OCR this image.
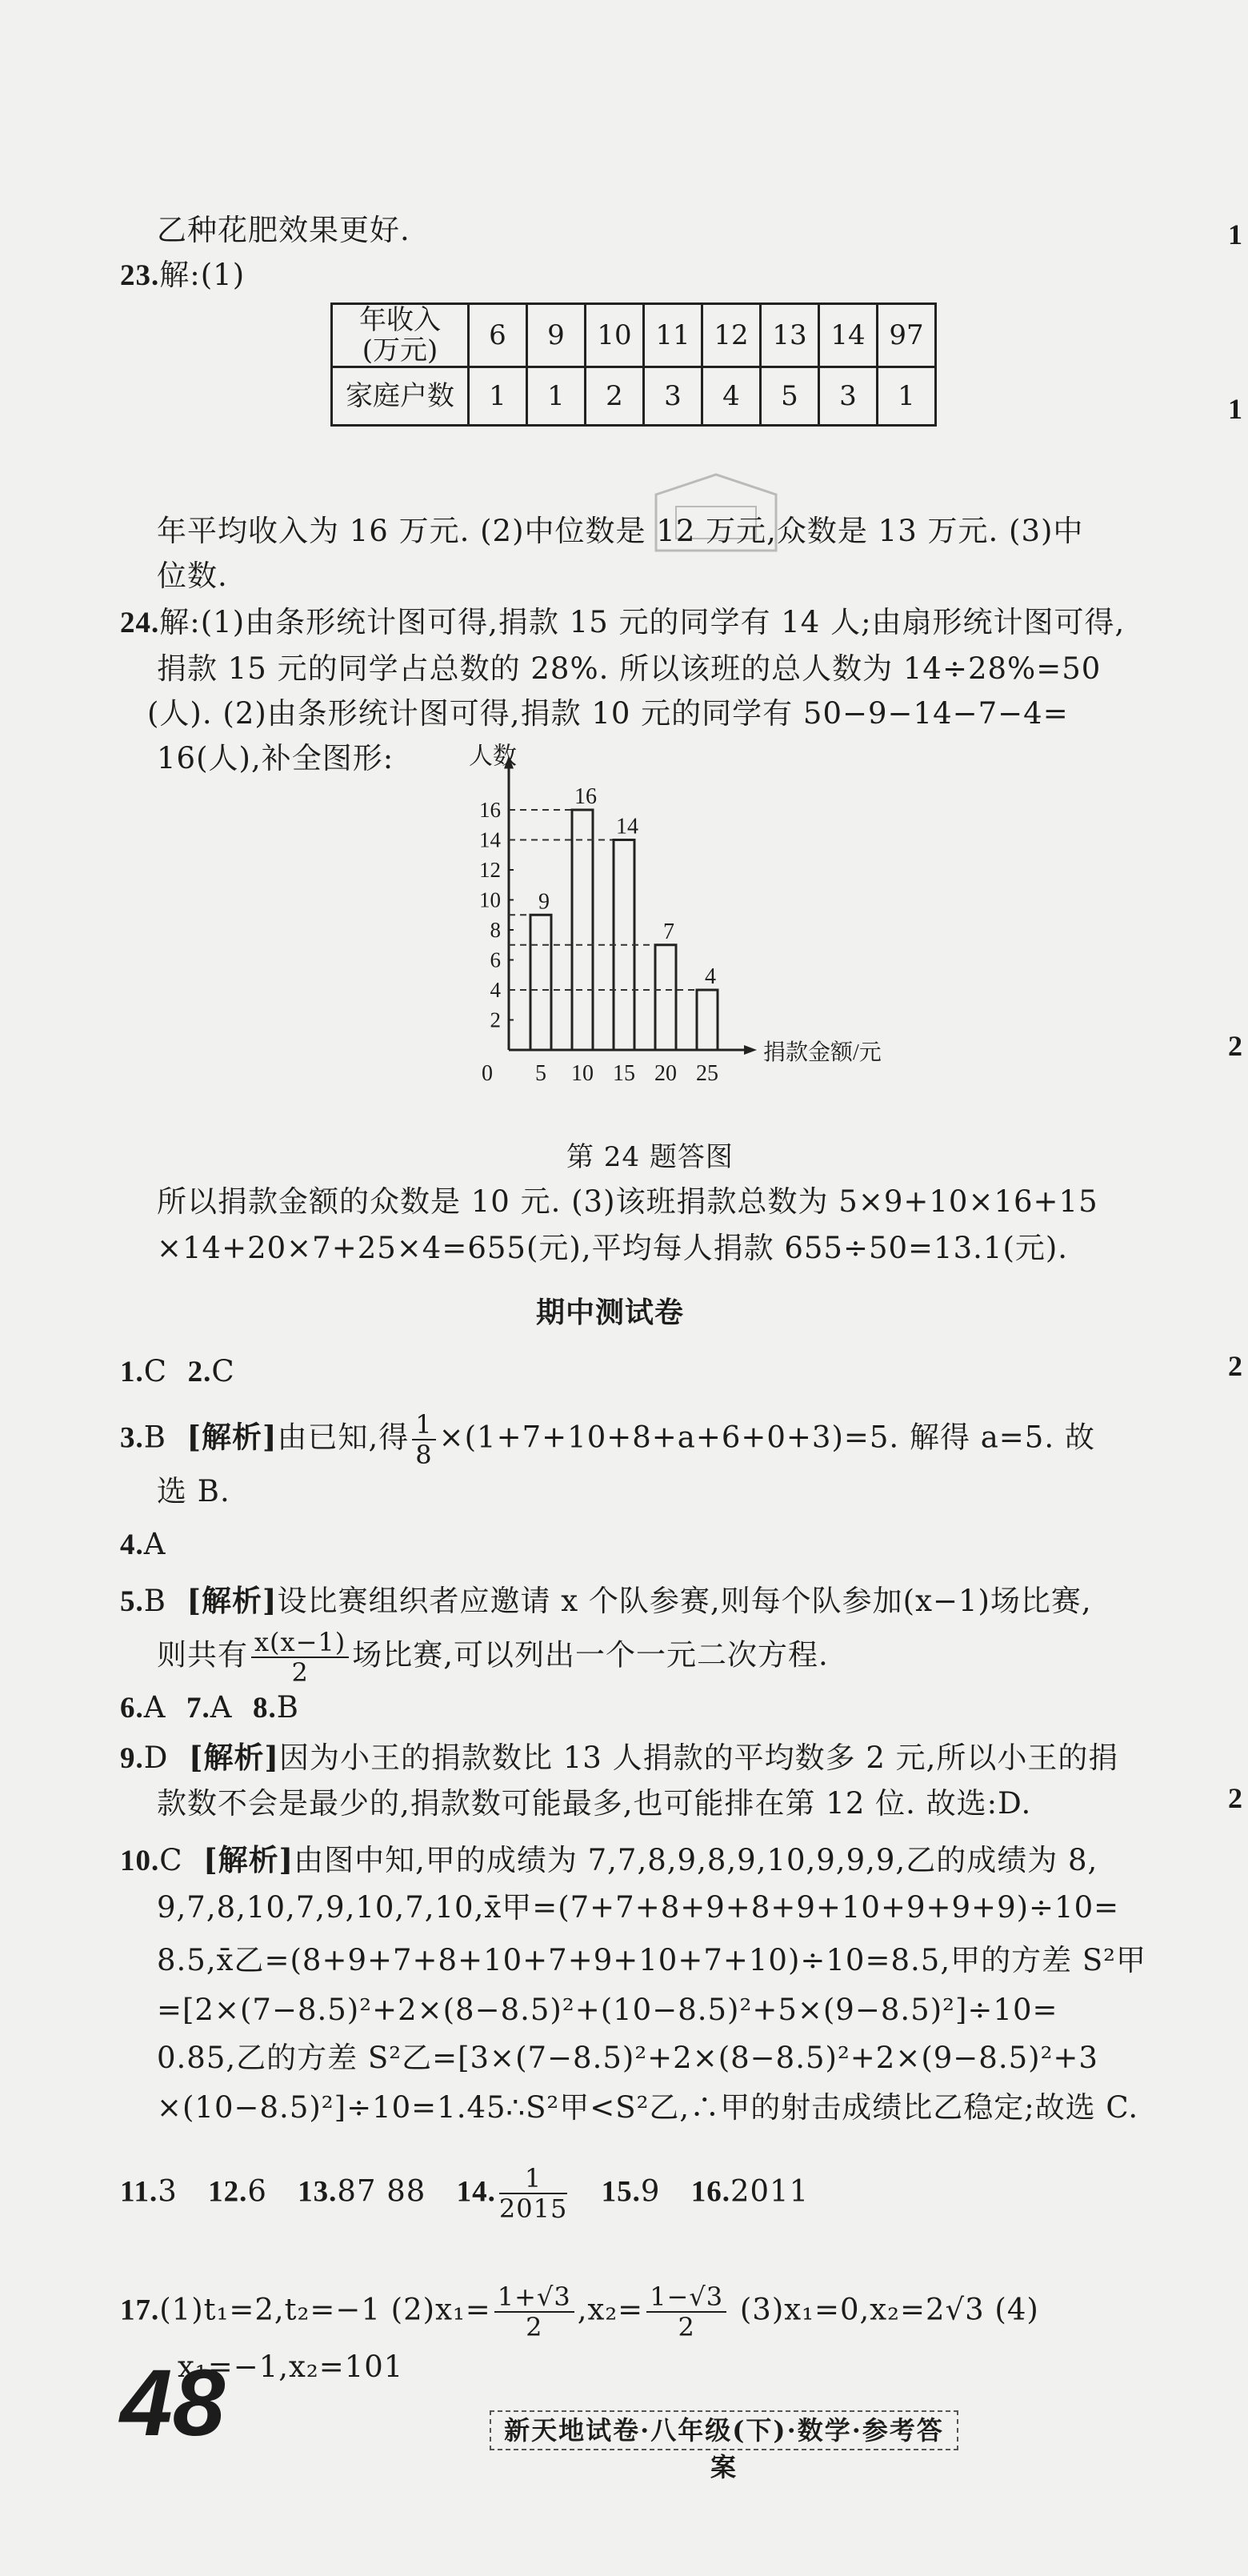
乙种花肥效果更好.
23.解:(1)
年收入
(万元)	6	9	10	11	12	13	14	97
家庭户数	1	1	2	3	4	5	3	1
年平均收入为 16 万元. (2)中位数是 12 万元,众数是 13 万元. (3)中
位数.
24.解:(1)由条形统计图可得,捐款 15 元的同学有 14 人;由扇形统计图可得,
捐款 15 元的同学占总数的 28%. 所以该班的总人数为 14÷28%=50
(人). (2)由条形统计图可得,捐款 10 元的同学有 50−9−14−7−4=
16(人),补全图形:	人数
捐款金额/元
0
2
4
6
8
10
12
14
16
9
5
16
10
14
15
7
20
4
25
第 24 题答图
所以捐款金额的众数是 10 元. (3)该班捐款总数为 5×9+10×16+15
×14+20×7+25×4=655(元),平均每人捐款 655÷50=13.1(元).
期中测试卷
1.C 2.C
3.B [解析]由已知,得 $\frac{1}{8} \times(1+7+10+8+a+6+0+3)=5$. 解得 a=5. 故
选 B.
4.A
5.B [解析]设比赛组织者应邀请 x 个队参赛,则每个队参加(x−1)场比赛,
则共有 $\frac{x(x-1)}{2}$ 场比赛,可以列出一个一元二次方程.
6.A 7.A 8.B
9.D [解析]因为小王的捐款数比 13 人捐款的平均数多 2 元,所以小王的捐
款数不会是最少的,捐款数可能最多,也可能排在第 12 位. 故选:D.
10.C [解析]由图中知,甲的成绩为 7,7,8,9,8,9,10,9,9,9,乙的成绩为 8,
9,7,8,10,7,9,10,7,10,x̄甲=(7+7+8+9+8+9+10+9+9+9)÷10=
8.5,x̄乙=(8+9+7+8+10+7+9+10+7+10)÷10=8.5,甲的方差 S²甲
=[2×(7−8.5)²+2×(8−8.5)²+(10−8.5)²+5×(9−8.5)²]÷10=
0.85,乙的方差 S²乙=[3×(7−8.5)²+2×(8−8.5)²+2×(9−8.5)²+3
×(10−8.5)²]÷10=1.45∴S²甲<S²乙,∴甲的射击成绩比乙稳定;故选 C.
11.3 12.6 13.87 88 14. $\frac{1}{2015} 15.9$ 16.2011
17.(1)t₁=2,t₂=−1 $(2)x_1= \frac{1+√3}{2} ,x_2= \frac{1-√3}{2} (3)x_1=0,x_2=2√3$ (4)
x₁=−1,x₂=101
48	新天地试卷·八年级(下)·数学·参考答案
1
1
2
2
2
